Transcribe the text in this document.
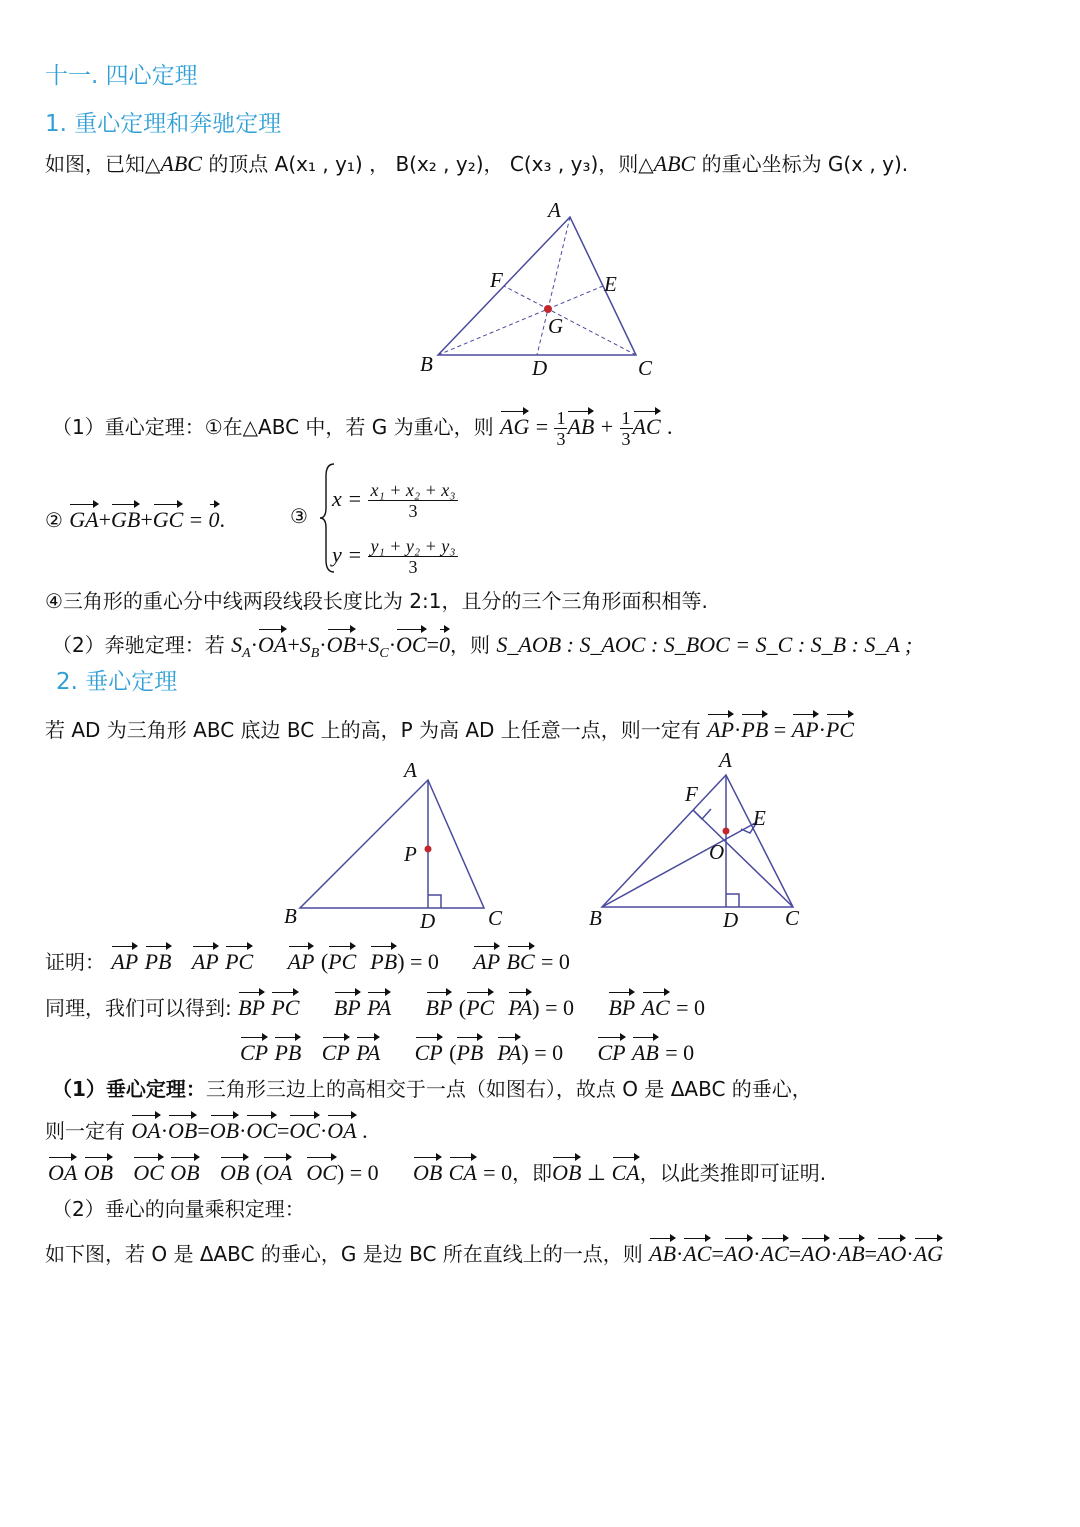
十一. 四心定理
1. 重心定理和奔驰定理
如图，已知△ABC 的顶点 A(x₁ , y₁) ， B(x₂ , y₂)， C(x₃ , y₃)，则△ABC 的重心坐标为 G(x , y).
A
B	C
D
E
F
G
（1）重心定理：①在△ABC 中，若 G 为重心，则 AG = $\frac{1}{3}$ AB + $\frac{1}{3}$ AC .
② GA+GB+GC = 0.	③
$x = \frac{\text{x₁ + x₂ + x₃}}{3}$
$y = \frac{\text{y₁ + y₂ + y₃}}{3}$
④三角形的重心分中线两段线段长度比为 2:1，且分的三个三角形面积相等.
（2）奔驰定理：若 $S_A\cdot OA+S_B\cdot OB+S_C\cdot OC=0$，则 S_AOB : S_AOC : S_BOC = S_C : S_B : S_A ;
2. 垂心定理
若 AD 为三角形 ABC 底边 BC 上的高，P 为高 AD 上任意一点，则一定有 AP·PB = AP·PC
A
B	C
D
P
A
B	C
D
E
F
O
证明： AP PB AP PC AP (PC PB) = 0 AP BC = 0
同理，我们可以得到: BP PC BP PA BP (PC PA) = 0 BP AC = 0
CP PB CP PA CP (PB PA) = 0 CP AB = 0
（1）垂心定理：三角形三边上的高相交于一点（如图右），故点 O 是 ΔABC 的垂心，
则一定有 OA·OB=OB·OC=OC·OA .
OA OB OC OB OB (OA OC) = 0 OB CA = 0，即OB ⊥ CA，以此类推即可证明.
（2）垂心的向量乘积定理：
如下图，若 O 是 ΔABC 的垂心，G 是边 BC 所在直线上的一点，则 AB·AC=AO·AC=AO·AB=AO·AG
